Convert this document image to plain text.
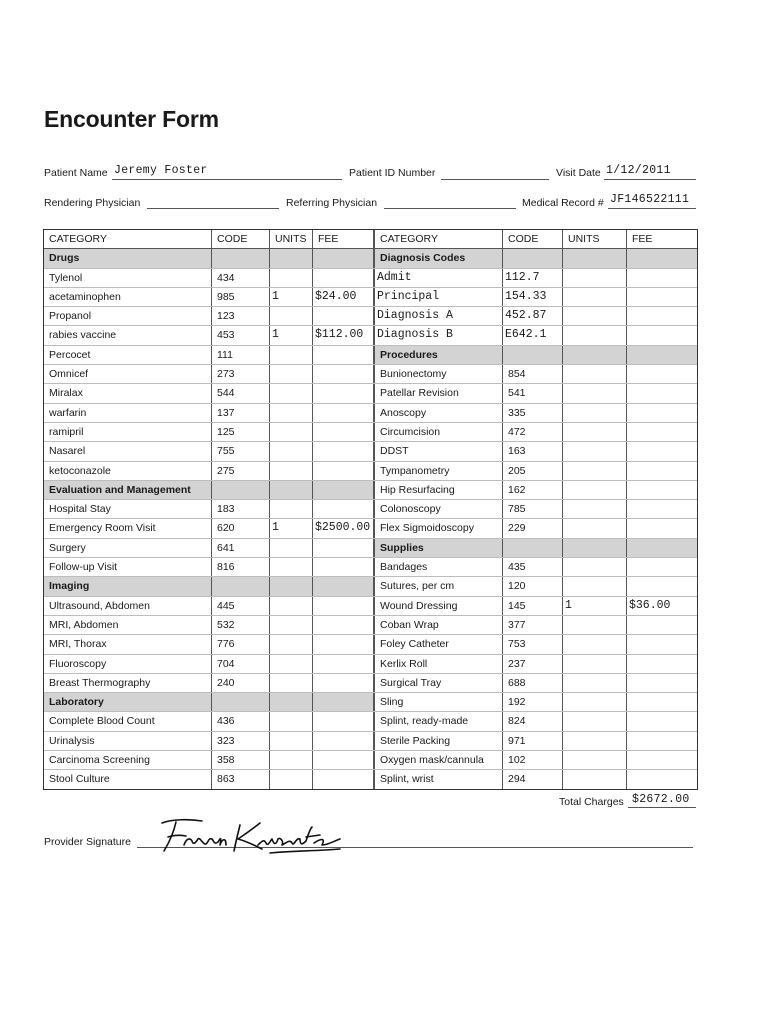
Encounter Form
Patient Name Jeremy Foster	Patient ID Number	Visit Date 1/12/2011
Rendering Physician	Referring Physician	Medical Record # JF146522111
CATEGORY	CODE	UNITS	FEE	CATEGORY	CODE	UNITS	FEE
Drugs	Diagnosis Codes
Tylenol	434	Admit	112.7
acetaminophen	985	1	$24.00	Principal	154.33
Propanol	123	Diagnosis A	452.87
rabies vaccine	453	1	$112.00	Diagnosis B	E642.1
Percocet	111	Procedures
Omnicef	273	Bunionectomy	854
Miralax	544	Patellar Revision	541
warfarin	137	Anoscopy	335
ramipril	125	Circumcision	472
Nasarel	755	DDST	163
ketoconazole	275	Tympanometry	205
Evaluation and Management	Hip Resurfacing	162
Hospital Stay	183	Colonoscopy	785
Emergency Room Visit	620	1	$2500.00 Flex Sigmoidoscopy	229
Surgery	641	Supplies
Follow-up Visit	816	Bandages	435
Imaging	Sutures, per cm	120
Ultrasound, Abdomen	445	Wound Dressing	145	1	$36.00
MRI, Abdomen	532	Coban Wrap	377
MRI, Thorax	776	Foley Catheter	753
Fluoroscopy	704	Kerlix Roll	237
Breast Thermography	240	Surgical Tray	688
Laboratory	Sling	192
Complete Blood Count	436	Splint, ready-made	824
Urinalysis	323	Sterile Packing	971
Carcinoma Screening	358	Oxygen mask/cannula	102
Stool Culture	863	Splint, wrist	294
Total Charges $2672.00
Provider Signature
